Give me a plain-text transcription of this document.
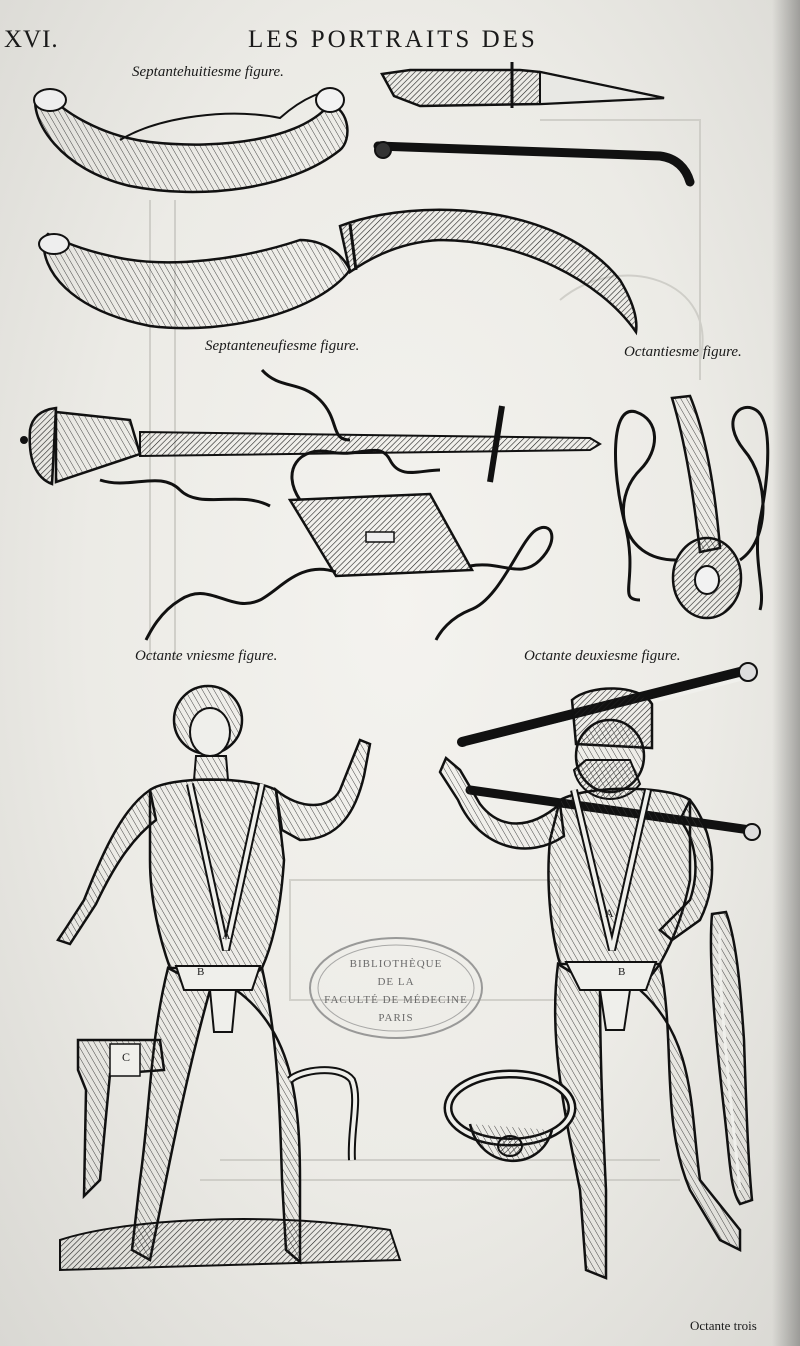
A
B
C
A
B
XVI.	LES PORTRAITS DES
Septantehuitiesme figure.
Septanteneufiesme figure.	Octantiesme figure.
Octante vniesme figure.	Octante deuxiesme figure.
Octante trois
BIBLIOTHÈQUE
DE LA
FACULTÉ DE MÉDECINE
PARIS
